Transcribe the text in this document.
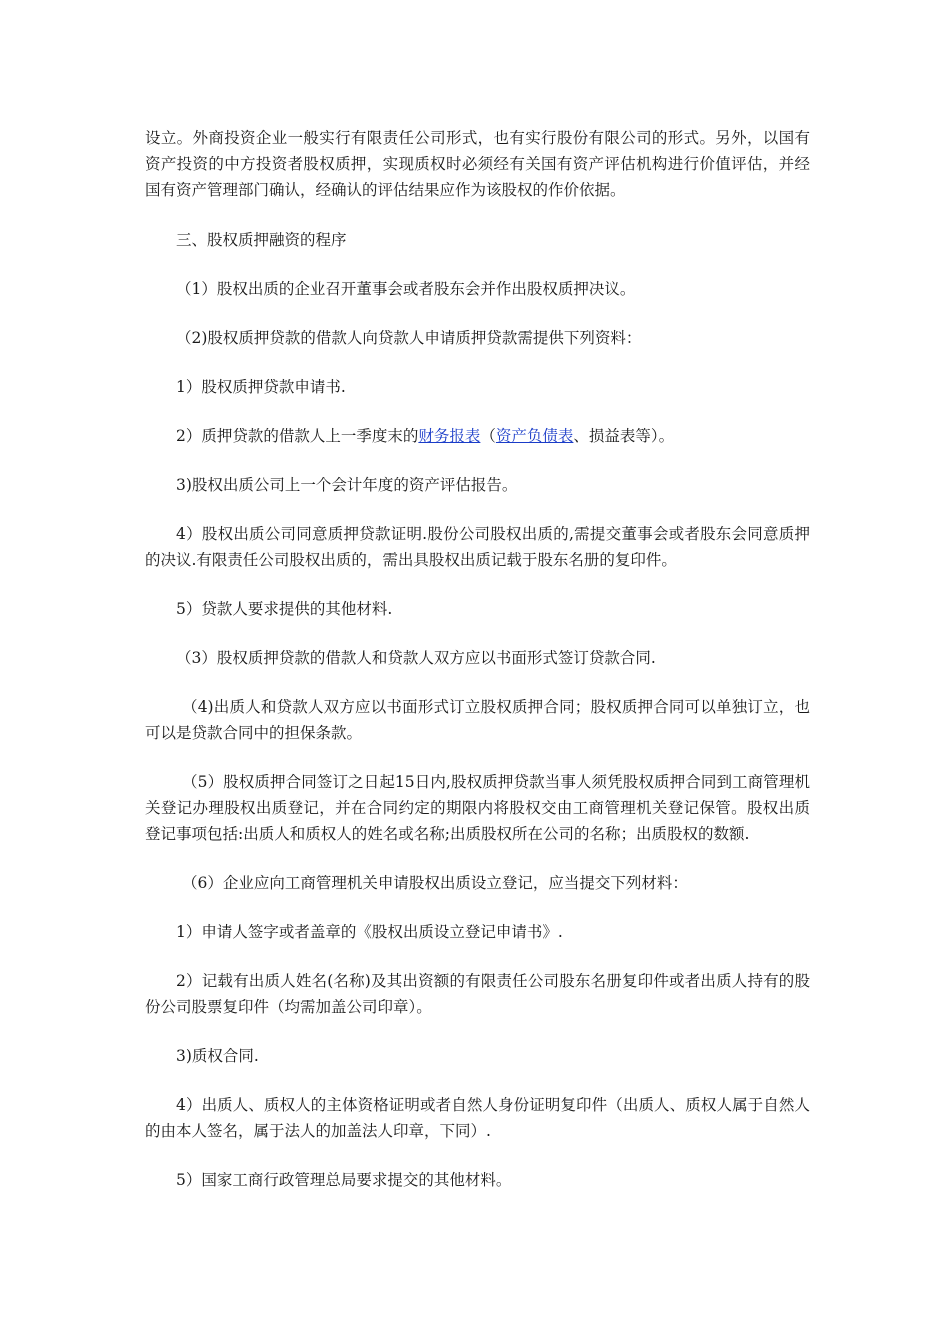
设立。外商投资企业一般实行有限责任公司形式，也有实行股份有限公司的形式。另外，以国有资产投资的中方投资者股权质押，实现质权时必须经有关国有资产评估机构进行价值评估，并经国有资产管理部门确认，经确认的评估结果应作为该股权的作价依据。

三、股权质押融资的程序

（1）股权出质的企业召开董事会或者股东会并作出股权质押决议。

（2)股权质押贷款的借款人向贷款人申请质押贷款需提供下列资料：

1）股权质押贷款申请书.

2）质押贷款的借款人上一季度末的财务报表（资产负债表、损益表等）。

3)股权出质公司上一个会计年度的资产评估报告。

4）股权出质公司同意质押贷款证明.股份公司股权出质的,需提交董事会或者股东会同意质押的决议.有限责任公司股权出质的，需出具股权出质记载于股东名册的复印件。

5）贷款人要求提供的其他材料.

（3）股权质押贷款的借款人和贷款人双方应以书面形式签订贷款合同.

（4)出质人和贷款人双方应以书面形式订立股权质押合同；股权质押合同可以单独订立，也可以是贷款合同中的担保条款。

（5）股权质押合同签订之日起15日内,股权质押贷款当事人须凭股权质押合同到工商管理机关登记办理股权出质登记，并在合同约定的期限内将股权交由工商管理机关登记保管。股权出质登记事项包括:出质人和质权人的姓名或名称;出质股权所在公司的名称；出质股权的数额.

（6）企业应向工商管理机关申请股权出质设立登记，应当提交下列材料：

1）申请人签字或者盖章的《股权出质设立登记申请书》.

2）记载有出质人姓名(名称)及其出资额的有限责任公司股东名册复印件或者出质人持有的股份公司股票复印件（均需加盖公司印章）。

3)质权合同.

4）出质人、质权人的主体资格证明或者自然人身份证明复印件（出质人、质权人属于自然人的由本人签名，属于法人的加盖法人印章，下同）.

5）国家工商行政管理总局要求提交的其他材料。
